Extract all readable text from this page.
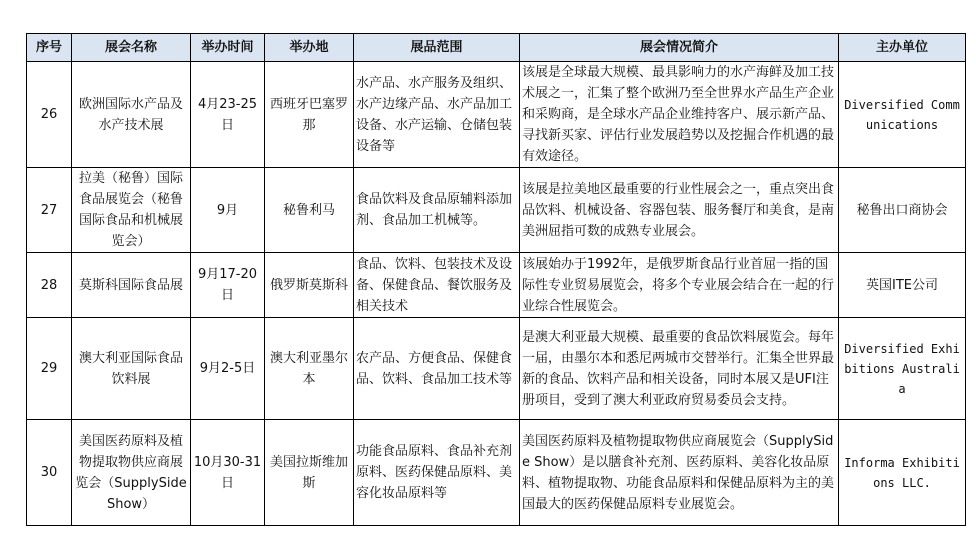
序号	展会名称	举办时间	举办地	展品范围	展会情况简介	主办单位
26	欧洲国际水产品及水产技术展	4月23-25日	西班牙巴塞罗那	水产品、水产服务及组织、水产边缘产品、水产品加工设备、水产运输、仓储包装设备等	该展是全球最大规模、最具影响力的水产海鲜及加工技术展之一，汇集了整个欧洲乃至全世界水产品生产企业和采购商，是全球水产品企业维持客户、展示新产品、寻找新买家、评估行业发展趋势以及挖掘合作机遇的最有效途径。	Diversified Communications
27	拉美（秘鲁）国际食品展览会（秘鲁国际食品和机械展览会）	9月	秘鲁利马	食品饮料及食品原辅料添加剂、食品加工机械等。	该展是拉美地区最重要的行业性展会之一，重点突出食品饮料、机械设备、容器包装、服务餐厅和美食，是南美洲屈指可数的成熟专业展会。	秘鲁出口商协会
28	莫斯科国际食品展	9月17-20日	俄罗斯莫斯科	食品、饮料、包装技术及设备、保健食品、餐饮服务及相关技术	该展始办于1992年，是俄罗斯食品行业首屈一指的国际性专业贸易展览会，将多个专业展会结合在一起的行业综合性展览会。	英国ITE公司
29	澳大利亚国际食品饮料展	9月2-5日	澳大利亚墨尔本	农产品、方便食品、保健食品、饮料、食品加工技术等	是澳大利亚最大规模、最重要的食品饮料展览会。每年一届，由墨尔本和悉尼两城市交替举行。汇集全世界最新的食品、饮料产品和相关设备，同时本展又是UFI注册项目，受到了澳大利亚政府贸易委员会支持。	Diversified Exhibitions Australia
30	美国医药原料及植物提取物供应商展览会（SupplySide Show）	10月30-31日	美国拉斯维加斯	功能食品原料、食品补充剂原料、医药保健品原料、美容化妆品原料等	美国医药原料及植物提取物供应商展览会（SupplySide Show）是以膳食补充剂、医药原料、美容化妆品原料、植物提取物、功能食品原料和保健品原料为主的美国最大的医药保健品原料专业展览会。	Informa Exhibitions LLC.
